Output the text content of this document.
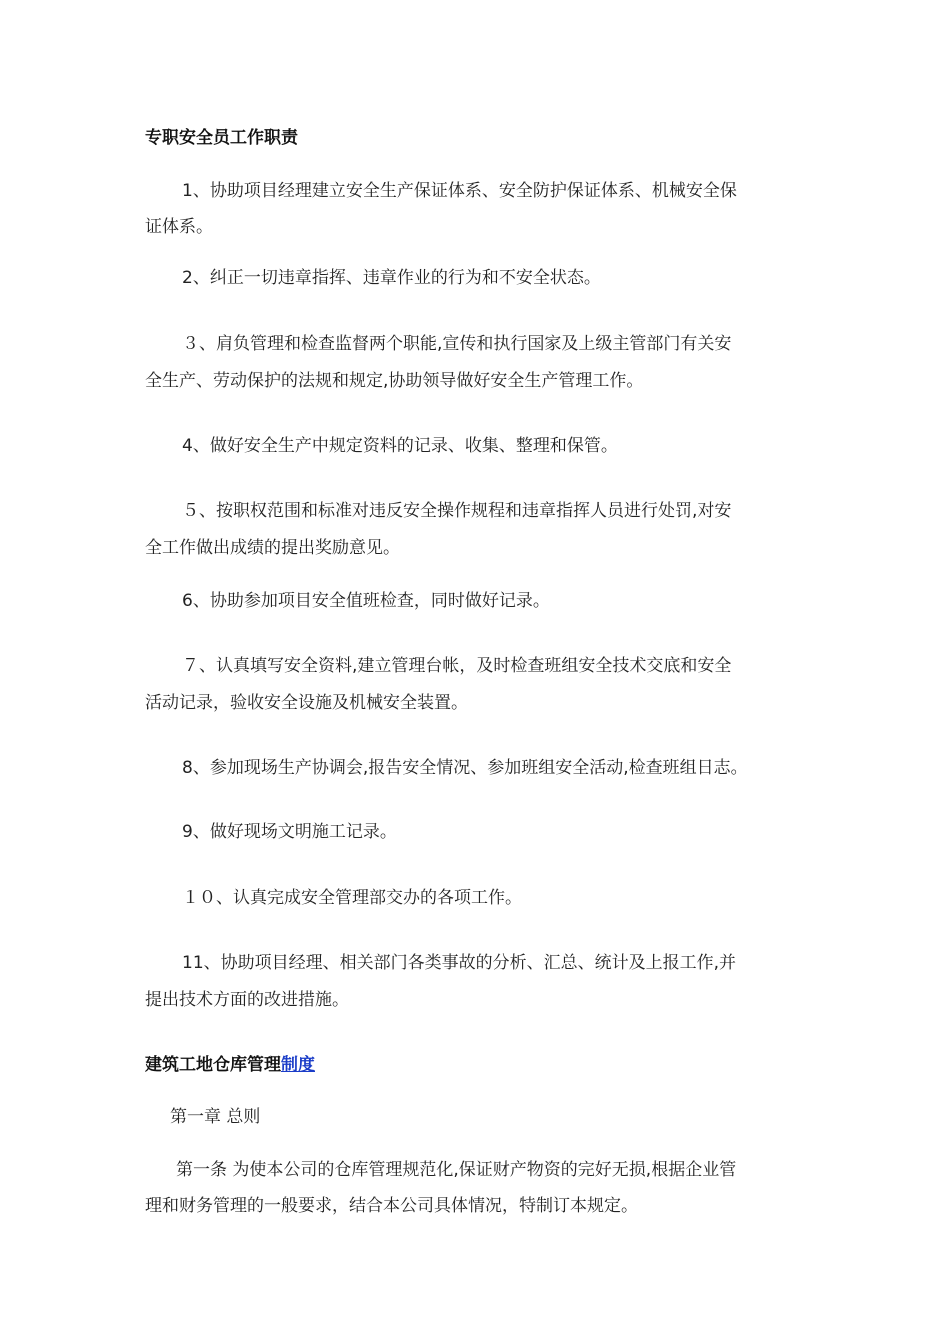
专职安全员工作职责
1、协助项目经理建立安全生产保证体系、安全防护保证体系、机械安全保
证体系。
2、纠正一切违章指挥、违章作业的行为和不安全状态。
３、肩负管理和检查监督两个职能,宣传和执行国家及上级主管部门有关安
全生产、劳动保护的法规和规定,协助领导做好安全生产管理工作。
4、做好安全生产中规定资料的记录、收集、整理和保管。
５、按职权范围和标准对违反安全操作规程和违章指挥人员进行处罚,对安
全工作做出成绩的提出奖励意见。
6、协助参加项目安全值班检查，同时做好记录。
７、认真填写安全资料,建立管理台帐，及时检查班组安全技术交底和安全
活动记录，验收安全设施及机械安全装置。
8、参加现场生产协调会,报告安全情况、参加班组安全活动,检查班组日志。
9、做好现场文明施工记录。
１０、认真完成安全管理部交办的各项工作。
11、协助项目经理、相关部门各类事故的分析、汇总、统计及上报工作,并
提出技术方面的改进措施。
建筑工地仓库管理制度
第一章 总则
第一条 为使本公司的仓库管理规范化,保证财产物资的完好无损,根据企业管
理和财务管理的一般要求，结合本公司具体情况，特制订本规定。
